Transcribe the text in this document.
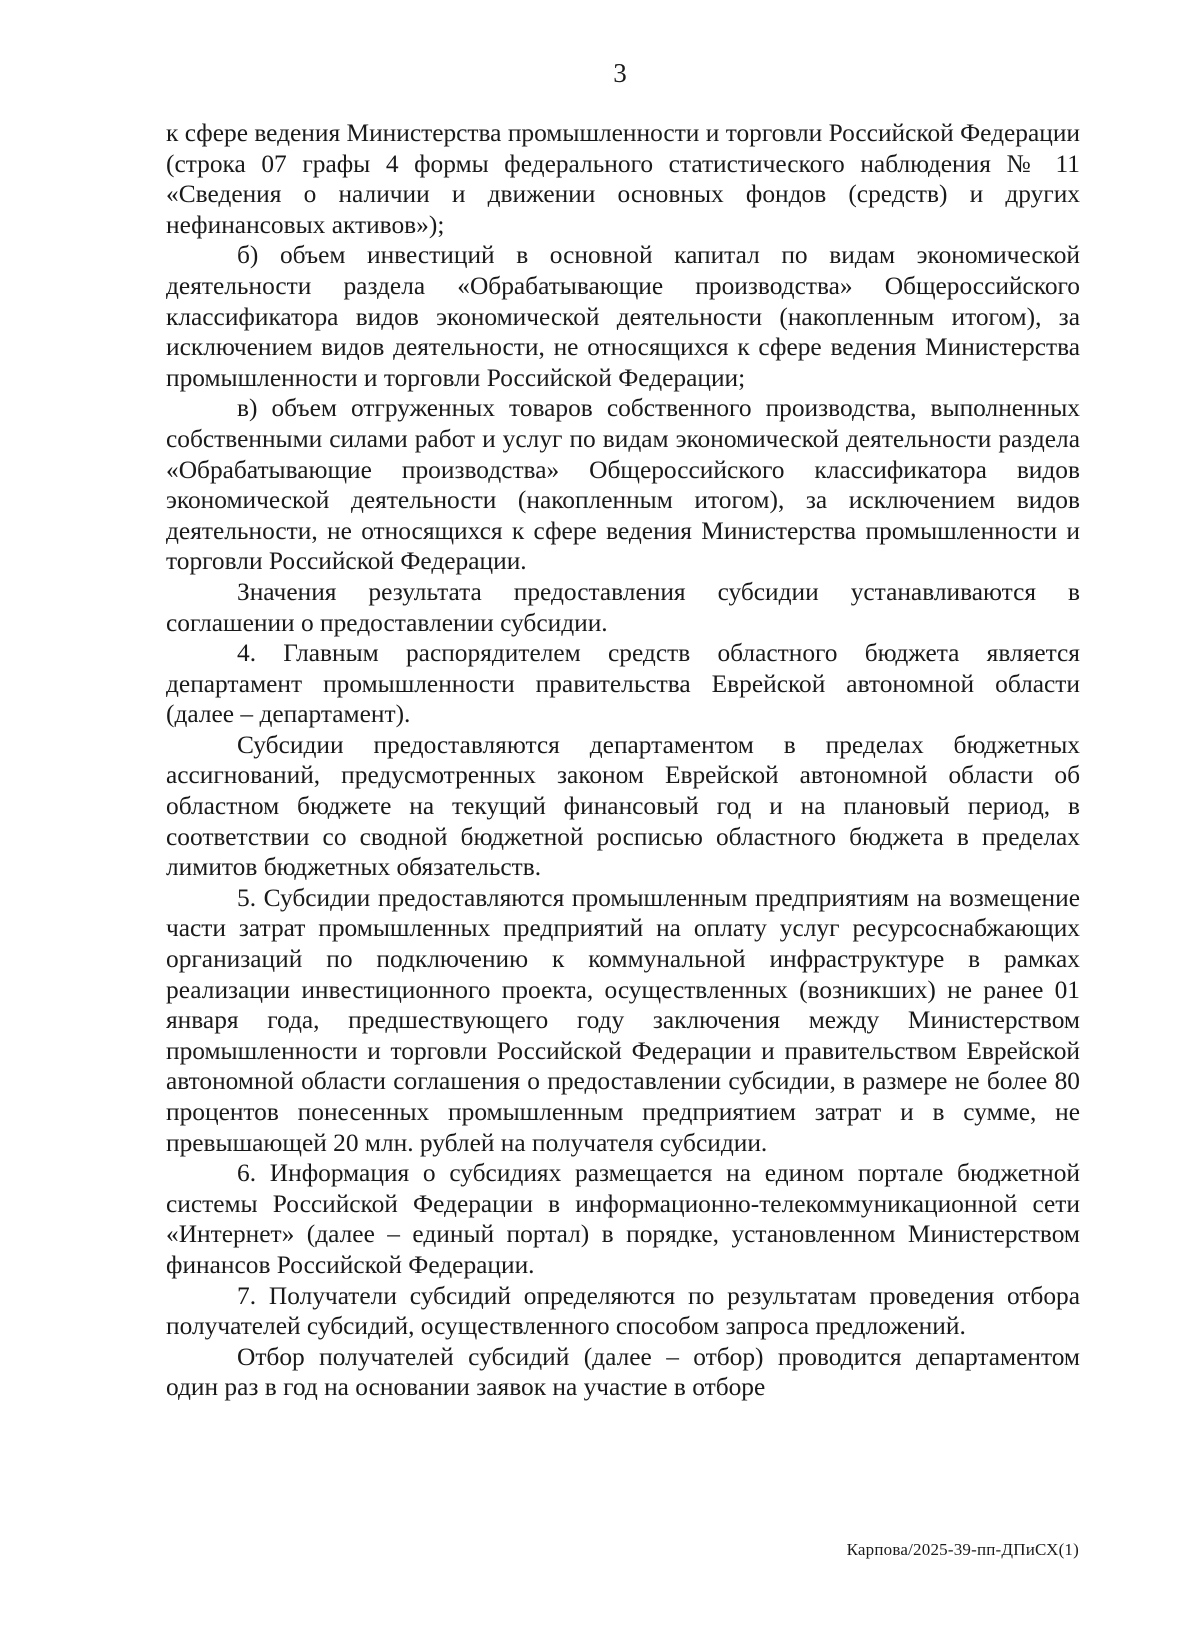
3

к сфере ведения Министерства промышленности и торговли Российской Федерации (строка 07 графы 4 формы федерального статистического наблюдения № 11 «Сведения о наличии и движении основных фондов (средств) и других нефинансовых активов»);

б) объем инвестиций в основной капитал по видам экономической деятельности раздела «Обрабатывающие производства» Общероссийского классификатора видов экономической деятельности (накопленным итогом), за исключением видов деятельности, не относящихся к сфере ведения Министерства промышленности и торговли Российской Федерации;

в) объем отгруженных товаров собственного производства, выполненных собственными силами работ и услуг по видам экономической деятельности раздела «Обрабатывающие производства» Общероссийского классификатора видов экономической деятельности (накопленным итогом), за исключением видов деятельности, не относящихся к сфере ведения Министерства промышленности и торговли Российской Федерации.

Значения результата предоставления субсидии устанавливаются в соглашении о предоставлении субсидии.

4. Главным распорядителем средств областного бюджета является департамент промышленности правительства Еврейской автономной области (далее – департамент).

Субсидии предоставляются департаментом в пределах бюджетных ассигнований, предусмотренных законом Еврейской автономной области об областном бюджете на текущий финансовый год и на плановый период, в соответствии со сводной бюджетной росписью областного бюджета в пределах лимитов бюджетных обязательств.

5. Субсидии предоставляются промышленным предприятиям на возмещение части затрат промышленных предприятий на оплату услуг ресурсоснабжающих организаций по подключению к коммунальной инфраструктуре в рамках реализации инвестиционного проекта, осуществленных (возникших) не ранее 01 января года, предшествующего году заключения между Министерством промышленности и торговли Российской Федерации и правительством Еврейской автономной области соглашения о предоставлении субсидии, в размере не более 80 процентов понесенных промышленным предприятием затрат и в сумме, не превышающей 20 млн. рублей на получателя субсидии.

6. Информация о субсидиях размещается на едином портале бюджетной системы Российской Федерации в информационно-телекоммуникационной сети «Интернет» (далее – единый портал) в порядке, установленном Министерством финансов Российской Федерации.

7. Получатели субсидий определяются по результатам проведения отбора получателей субсидий, осуществленного способом запроса предложений.

Отбор получателей субсидий (далее – отбор) проводится департаментом один раз в год на основании заявок на участие в отборе

Карпова/2025-39-пп-ДПиСХ(1)
